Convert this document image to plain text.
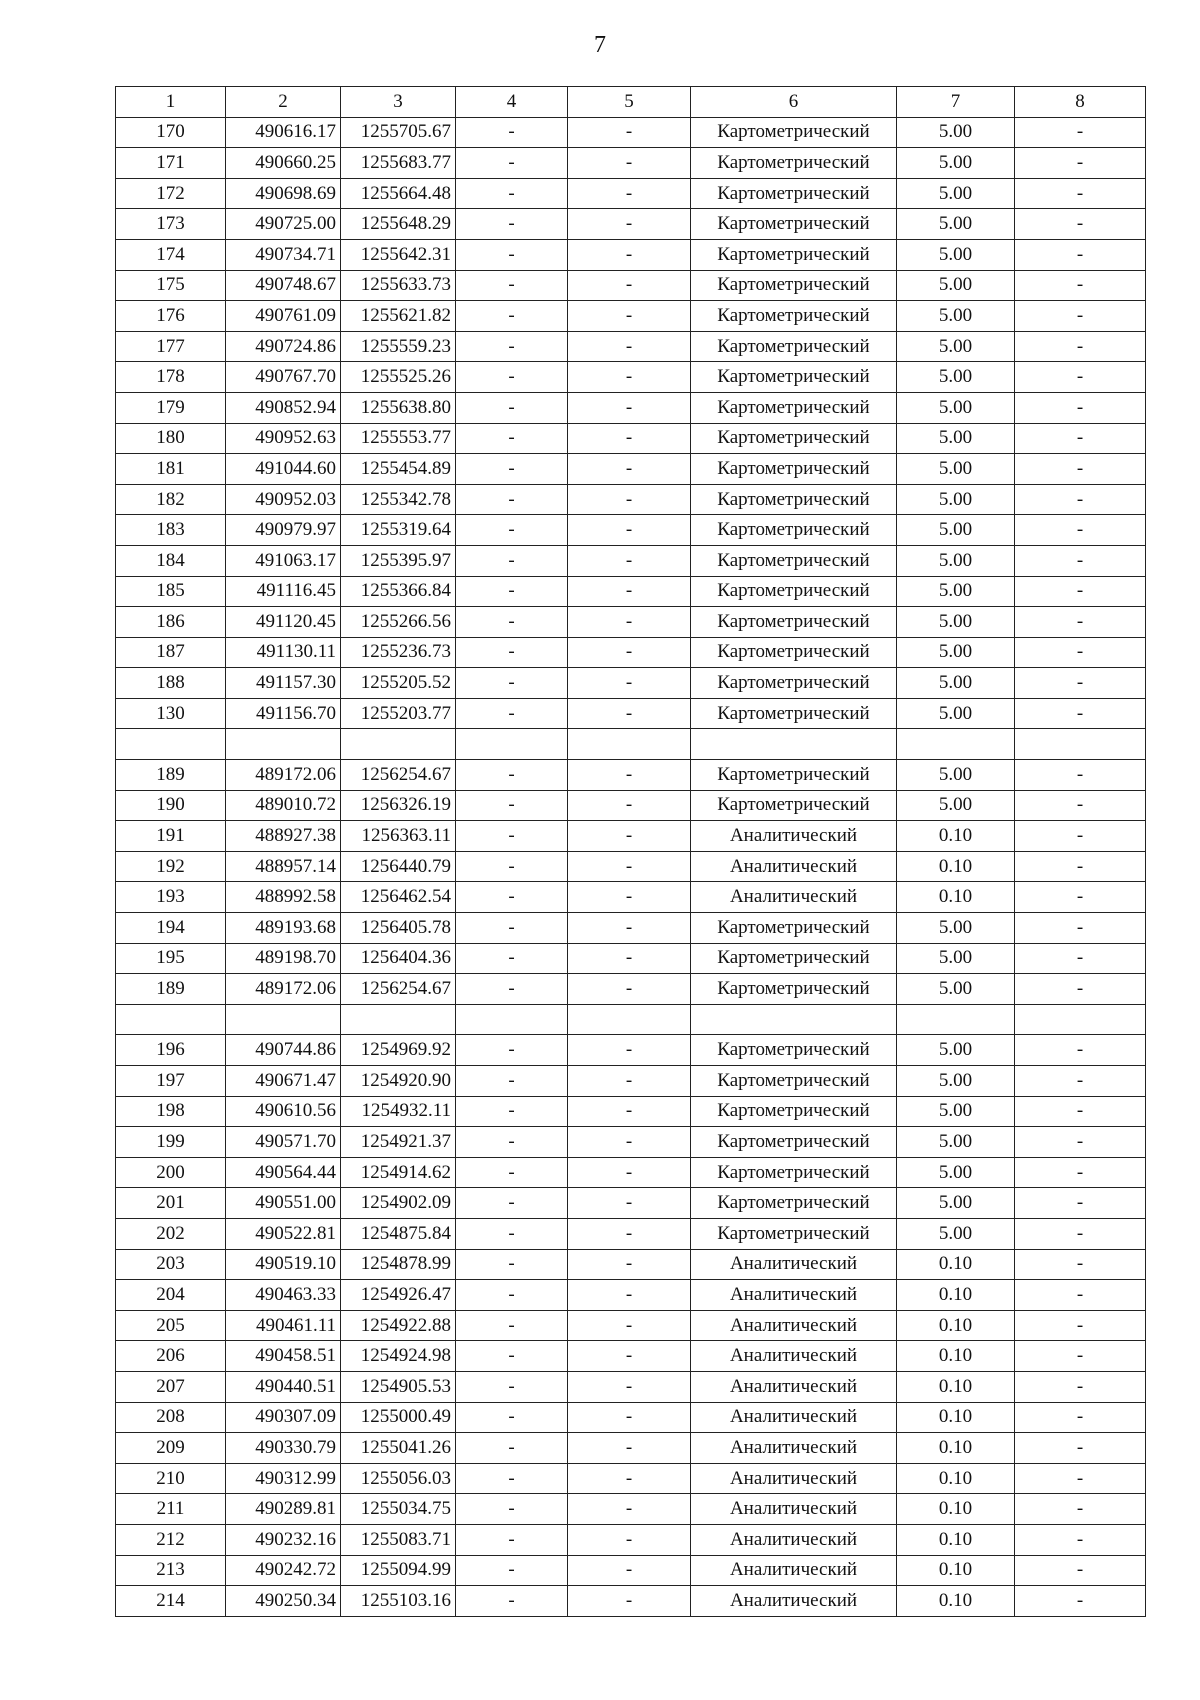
7
1	2	3	4	5	6	7	8
170	490616.17	1255705.67	-	-	Картометрический	5.00	-
171	490660.25	1255683.77	-	-	Картометрический	5.00	-
172	490698.69	1255664.48	-	-	Картометрический	5.00	-
173	490725.00	1255648.29	-	-	Картометрический	5.00	-
174	490734.71	1255642.31	-	-	Картометрический	5.00	-
175	490748.67	1255633.73	-	-	Картометрический	5.00	-
176	490761.09	1255621.82	-	-	Картометрический	5.00	-
177	490724.86	1255559.23	-	-	Картометрический	5.00	-
178	490767.70	1255525.26	-	-	Картометрический	5.00	-
179	490852.94	1255638.80	-	-	Картометрический	5.00	-
180	490952.63	1255553.77	-	-	Картометрический	5.00	-
181	491044.60	1255454.89	-	-	Картометрический	5.00	-
182	490952.03	1255342.78	-	-	Картометрический	5.00	-
183	490979.97	1255319.64	-	-	Картометрический	5.00	-
184	491063.17	1255395.97	-	-	Картометрический	5.00	-
185	491116.45	1255366.84	-	-	Картометрический	5.00	-
186	491120.45	1255266.56	-	-	Картометрический	5.00	-
187	491130.11	1255236.73	-	-	Картометрический	5.00	-
188	491157.30	1255205.52	-	-	Картометрический	5.00	-
130	491156.70	1255203.77	-	-	Картометрический	5.00	-

189	489172.06	1256254.67	-	-	Картометрический	5.00	-
190	489010.72	1256326.19	-	-	Картометрический	5.00	-
191	488927.38	1256363.11	-	-	Аналитический	0.10	-
192	488957.14	1256440.79	-	-	Аналитический	0.10	-
193	488992.58	1256462.54	-	-	Аналитический	0.10	-
194	489193.68	1256405.78	-	-	Картометрический	5.00	-
195	489198.70	1256404.36	-	-	Картометрический	5.00	-
189	489172.06	1256254.67	-	-	Картометрический	5.00	-

196	490744.86	1254969.92	-	-	Картометрический	5.00	-
197	490671.47	1254920.90	-	-	Картометрический	5.00	-
198	490610.56	1254932.11	-	-	Картометрический	5.00	-
199	490571.70	1254921.37	-	-	Картометрический	5.00	-
200	490564.44	1254914.62	-	-	Картометрический	5.00	-
201	490551.00	1254902.09	-	-	Картометрический	5.00	-
202	490522.81	1254875.84	-	-	Картометрический	5.00	-
203	490519.10	1254878.99	-	-	Аналитический	0.10	-
204	490463.33	1254926.47	-	-	Аналитический	0.10	-
205	490461.11	1254922.88	-	-	Аналитический	0.10	-
206	490458.51	1254924.98	-	-	Аналитический	0.10	-
207	490440.51	1254905.53	-	-	Аналитический	0.10	-
208	490307.09	1255000.49	-	-	Аналитический	0.10	-
209	490330.79	1255041.26	-	-	Аналитический	0.10	-
210	490312.99	1255056.03	-	-	Аналитический	0.10	-
211	490289.81	1255034.75	-	-	Аналитический	0.10	-
212	490232.16	1255083.71	-	-	Аналитический	0.10	-
213	490242.72	1255094.99	-	-	Аналитический	0.10	-
214	490250.34	1255103.16	-	-	Аналитический	0.10	-
